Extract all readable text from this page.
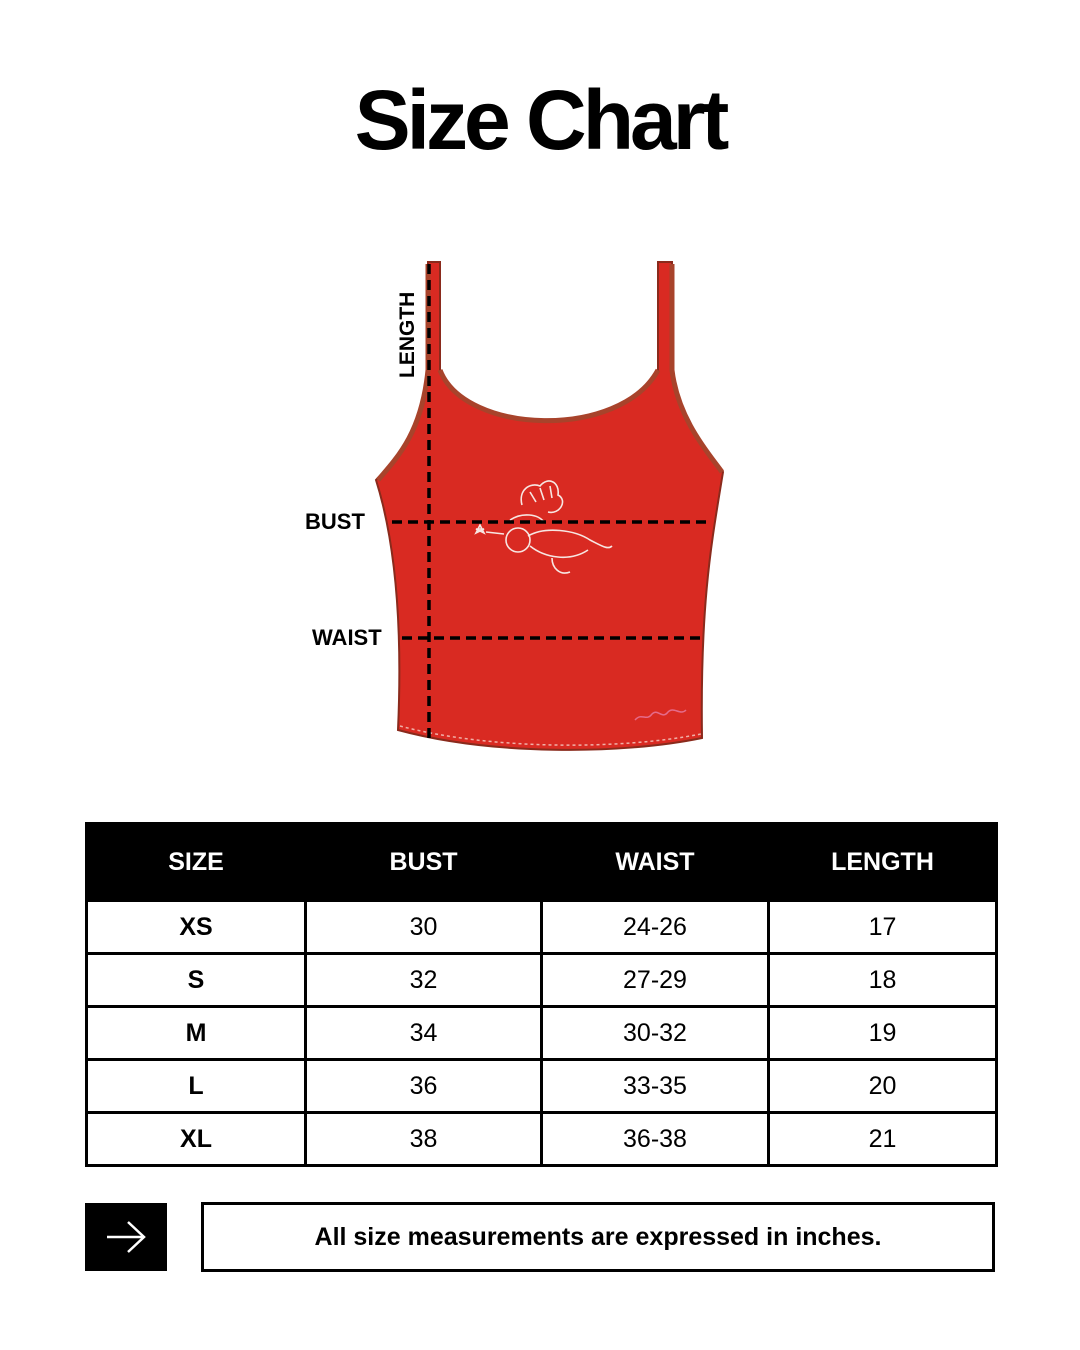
Size Chart
LENGTH
BUST
WAIST
SIZE	BUST	WAIST	LENGTH
XS	30	24-26	17
S	32	27-29	18
M	34	30-32	19
L	36	33-35	20
XL	38	36-38	21
All size measurements are expressed in inches.
